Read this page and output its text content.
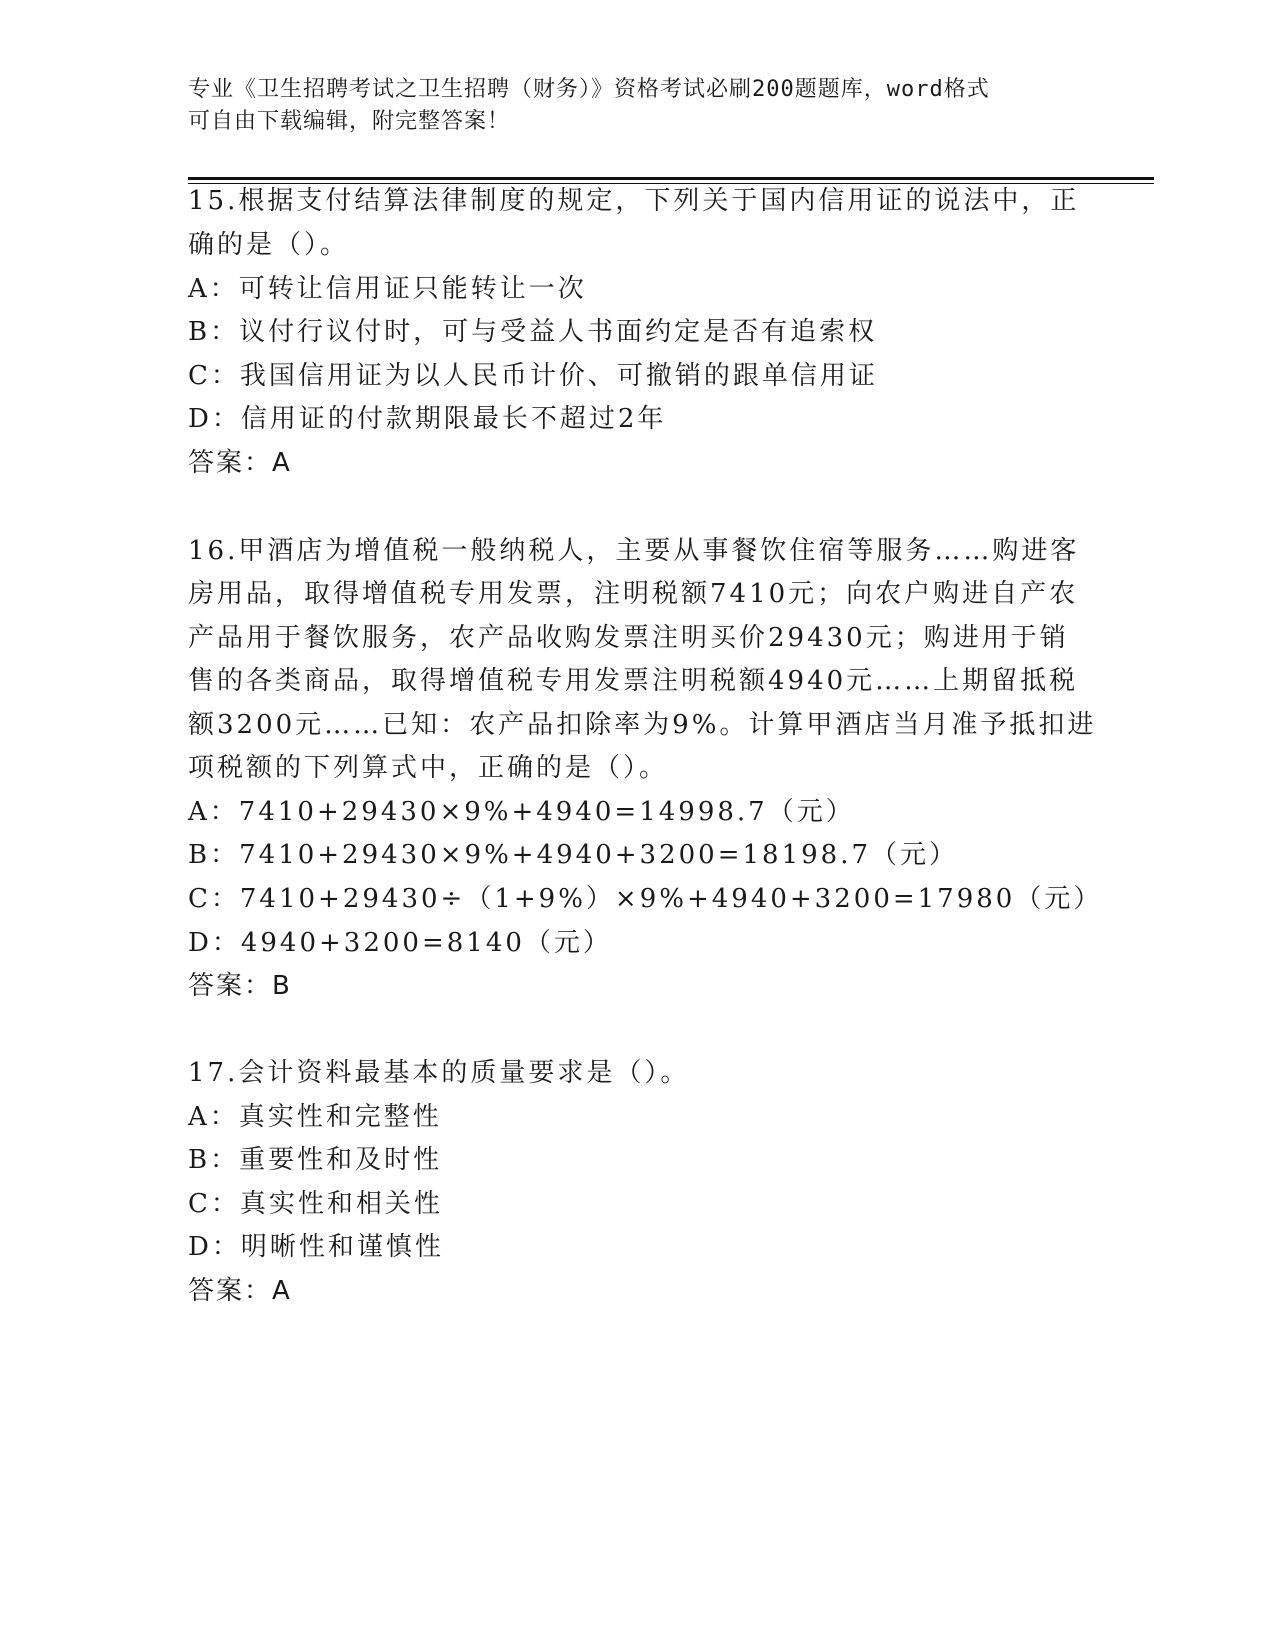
专业《卫生招聘考试之卫生招聘（财务）》资格考试必刷200题题库，word格式
可自由下载编辑，附完整答案！
15.根据支付结算法律制度的规定，下列关于国内信用证的说法中，正
确的是（）。
A：可转让信用证只能转让一次
B：议付行议付时，可与受益人书面约定是否有追索权
C：我国信用证为以人民币计价、可撤销的跟单信用证
D：信用证的付款期限最长不超过2年
答案：A
16.甲酒店为增值税一般纳税人，主要从事餐饮住宿等服务……购进客
房用品，取得增值税专用发票，注明税额7410元；向农户购进自产农
产品用于餐饮服务，农产品收购发票注明买价29430元；购进用于销
售的各类商品，取得增值税专用发票注明税额4940元……上期留抵税
额3200元……已知：农产品扣除率为9%。计算甲酒店当月准予抵扣进
项税额的下列算式中，正确的是（）。
A：7410+29430×9%+4940=14998.7（元）
B：7410+29430×9%+4940+3200=18198.7（元）
C：7410+29430÷（1+9%）×9%+4940+3200=17980（元）
D：4940+3200=8140（元）
答案：B
17.会计资料最基本的质量要求是（）。
A：真实性和完整性
B：重要性和及时性
C：真实性和相关性
D：明晰性和谨慎性
答案：A
